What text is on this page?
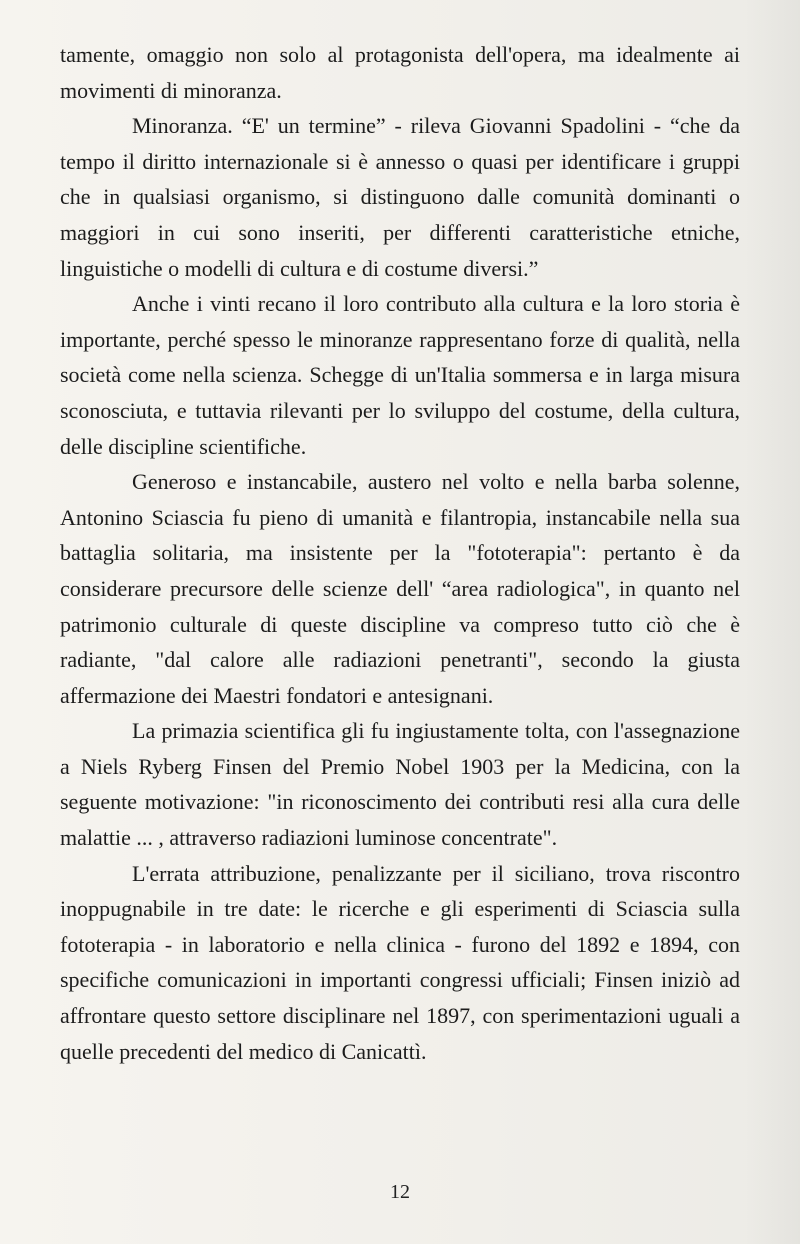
tamente, omaggio non solo al protagonista dell'opera, ma idealmente ai movimenti di minoranza.

Minoranza. “E' un termine” - rileva Giovanni Spadolini - “che da tempo il diritto internazionale si è annesso o quasi per identificare i gruppi che in qualsiasi organismo, si distinguono dalle comunità dominanti o maggiori in cui sono inseriti, per differenti caratteristiche etniche, linguistiche o modelli di cultura e di costume diversi.”

Anche i vinti recano il loro contributo alla cultura e la loro storia è importante, perché spesso le minoranze rappresentano forze di qualità, nella società come nella scienza. Schegge di un'Italia sommersa e in larga misura sconosciuta, e tuttavia rilevanti per lo sviluppo del costume, della cultura, delle discipline scientifiche.

Generoso e instancabile, austero nel volto e nella barba solenne, Antonino Sciascia fu pieno di umanità e filantropia, instancabile nella sua battaglia solitaria, ma insistente per la "fototerapia": pertanto è da considerare precursore delle scienze dell' “area radiologica", in quanto nel patrimonio culturale di queste discipline va compreso tutto ciò che è radiante, "dal calore alle radiazioni penetranti", secondo la giusta affermazione dei Maestri fondatori e antesignani.

La primazia scientifica gli fu ingiustamente tolta, con l'assegnazione a Niels Ryberg Finsen del Premio Nobel 1903 per la Medicina, con la seguente motivazione: "in riconoscimento dei contributi resi alla cura delle malattie ... , attraverso radiazioni luminose concentrate".

L'errata attribuzione, penalizzante per il siciliano, trova riscontro inoppugnabile in tre date: le ricerche e gli esperimenti di Sciascia sulla fototerapia - in laboratorio e nella clinica - furono del 1892 e 1894, con specifiche comunicazioni in importanti congressi ufficiali; Finsen iniziò ad affrontare questo settore disciplinare nel 1897, con sperimentazioni uguali a quelle precedenti del medico di Canicattì.

12
